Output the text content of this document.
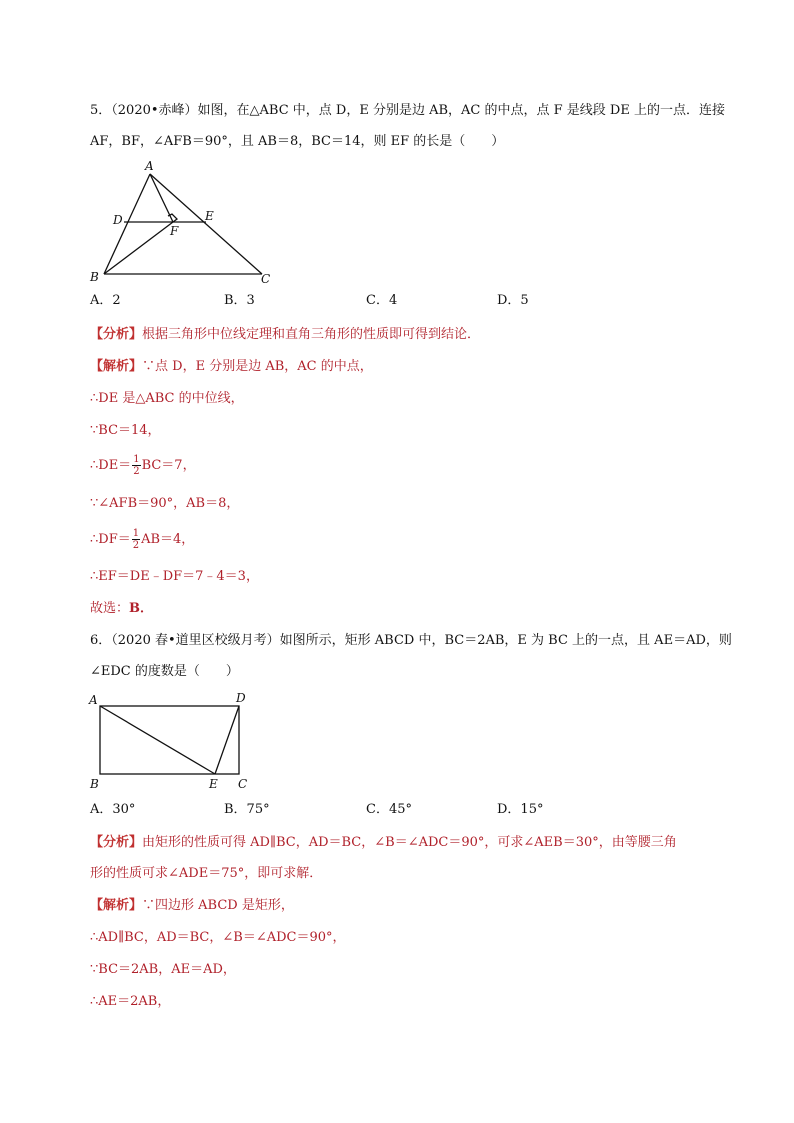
5．（2020•赤峰）如图，在△ABC 中，点 D，E 分别是边 AB，AC 的中点，点 F 是线段 DE 上的一点．连接
AF，BF，∠AFB＝90°，且 AB＝8，BC＝14，则 EF 的长是（　　）
A
D	E
F
B	C
A．2	B．3	C．4	D．5
【分析】根据三角形中位线定理和直角三角形的性质即可得到结论．
【解析】∵点 D，E 分别是边 AB，AC 的中点，
∴DE 是△ABC 的中位线，
∵BC＝14，
∴DE＝ $\frac{1}{2} BC=7$，
∵∠AFB＝90°，AB＝8，
∴DF＝ $\frac{1}{2} AB=4$，
∴EF＝DE﹣DF＝7﹣4＝3，
故选：B．
6．（2020 春•道里区校级月考）如图所示，矩形 ABCD 中，BC＝2AB，E 为 BC 上的一点，且 AE＝AD，则
∠EDC 的度数是（　　）
A	D
B	E C
A．30°	B．75°	C．45°	D．15°
【分析】由矩形的性质可得 AD∥BC，AD＝BC，∠B＝∠ADC＝90°，可求∠AEB＝30°，由等腰三角
形的性质可求∠ADE＝75°，即可求解．
【解析】∵四边形 ABCD 是矩形，
∴AD∥BC，AD＝BC，∠B＝∠ADC＝90°，
∵BC＝2AB，AE＝AD，
∴AE＝2AB，
